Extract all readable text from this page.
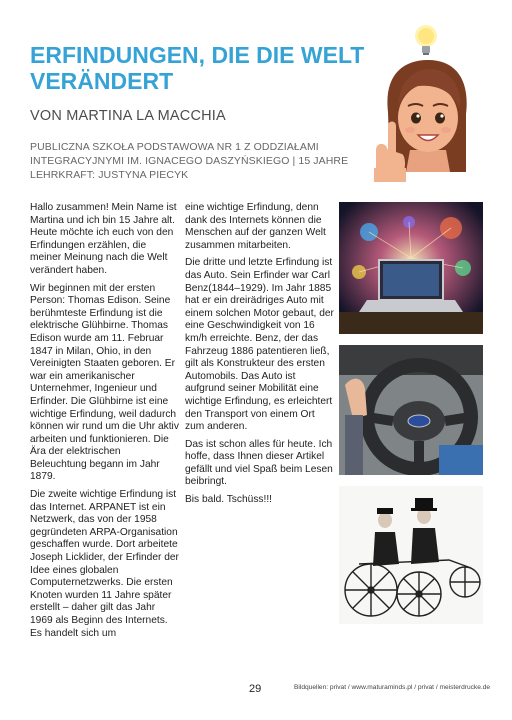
ERFINDUNGEN, DIE DIE WELT VERÄNDERT
VON MARTINA LA MACCHIA
PUBLICZNA SZKOŁA PODSTAWOWA NR 1 Z ODDZIAŁAMI INTEGRACYJNYMI IM. IGNACEGO DASZYŃSKIEGO | 15 JAHRE LEHRKRAFT: JUSTYNA PIECYK

Hallo zusammen! Mein Name ist Martina und ich bin 15 Jahre alt. Heute möchte ich euch von den Erfindungen erzählen, die meiner Meinung nach die Welt verändert haben.

Wir beginnen mit der ersten Person: Thomas Edison. Seine berühmteste Erfindung ist die elektrische Glühbirne. Thomas Edison wurde am 11. Februar 1847 in Milan, Ohio, in den Vereinigten Staaten geboren. Er war ein amerikanischer Unternehmer, Ingenieur und Erfinder. Die Glühbirne ist eine wichtige Erfindung, weil dadurch können wir rund um die Uhr aktiv arbeiten und funktionieren. Die Ära der elektrischen Beleuchtung begann im Jahr 1879.

Die zweite wichtige Erfindung ist das Internet. ARPANET ist ein Netzwerk, das von der 1958 gegründeten ARPA-Organisation geschaffen wurde. Dort arbeitete Joseph Licklider, der Erfinder der Idee eines globalen Computernetzwerks. Die ersten Knoten wurden 11 Jahre später erstellt – daher gilt das Jahr 1969 als Beginn des Internets. Es handelt sich um

eine wichtige Erfindung, denn dank des Internets können die Menschen auf der ganzen Welt zusammen mitarbeiten.

Die dritte und letzte Erfindung ist das Auto. Sein Erfinder war Carl Benz(1844–1929). Im Jahr 1885 hat er ein dreirädriges Auto mit einem solchen Motor gebaut, der eine Geschwindigkeit von 16 km/h erreichte. Benz, der das Fahrzeug 1886 patentieren ließ, gilt als Konstrukteur des ersten Automobils. Das Auto ist aufgrund seiner Mobilität eine wichtige Erfindung, es erleichtert den Transport von einem Ort zum anderen.

Das ist schon alles für heute. Ich hoffe, dass Ihnen dieser Artikel gefällt und viel Spaß beim Lesen beibringt.

Bis bald. Tschüss!!!

29	Bildquellen: privat / www.maturaminds.pl / privat / meisterdrucke.de
